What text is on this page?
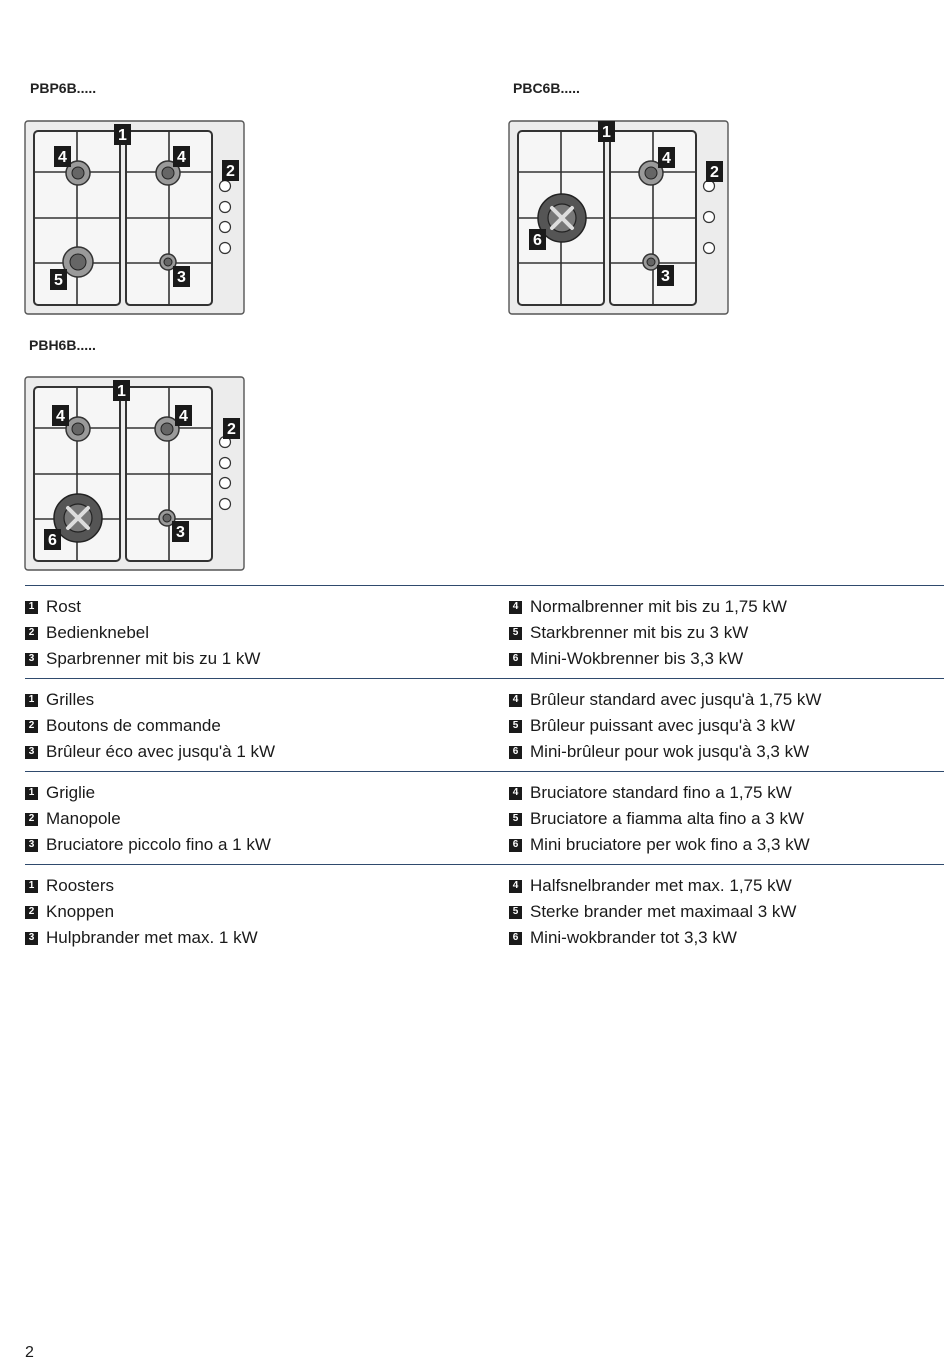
PBP6B.....	PBC6B.....
PBH6B.....
1
2
4	4
5	3
1
2
6
4
3
1
2
4	4
6	3
1 Rost
2 Bedienknebel
3 Sparbrenner mit bis zu 1 kW
4 Normalbrenner mit bis zu 1,75 kW
5 Starkbrenner mit bis zu 3 kW
6 Mini-Wokbrenner bis 3,3 kW
1 Grilles
2 Boutons de commande
3 Brûleur éco avec jusqu'à 1 kW
4 Brûleur standard avec jusqu'à 1,75 kW
5 Brûleur puissant avec jusqu'à 3 kW
6 Mini-brûleur pour wok jusqu'à 3,3 kW
1 Griglie
2 Manopole
3 Bruciatore piccolo fino a 1 kW
4 Bruciatore standard fino a 1,75 kW
5 Bruciatore a fiamma alta fino a 3 kW
6 Mini bruciatore per wok fino a 3,3 kW
1 Roosters
2 Knoppen
3 Hulpbrander met max. 1 kW
4 Halfsnelbrander met max. 1,75 kW
5 Sterke brander met maximaal 3 kW
6 Mini-wokbrander tot 3,3 kW
2
